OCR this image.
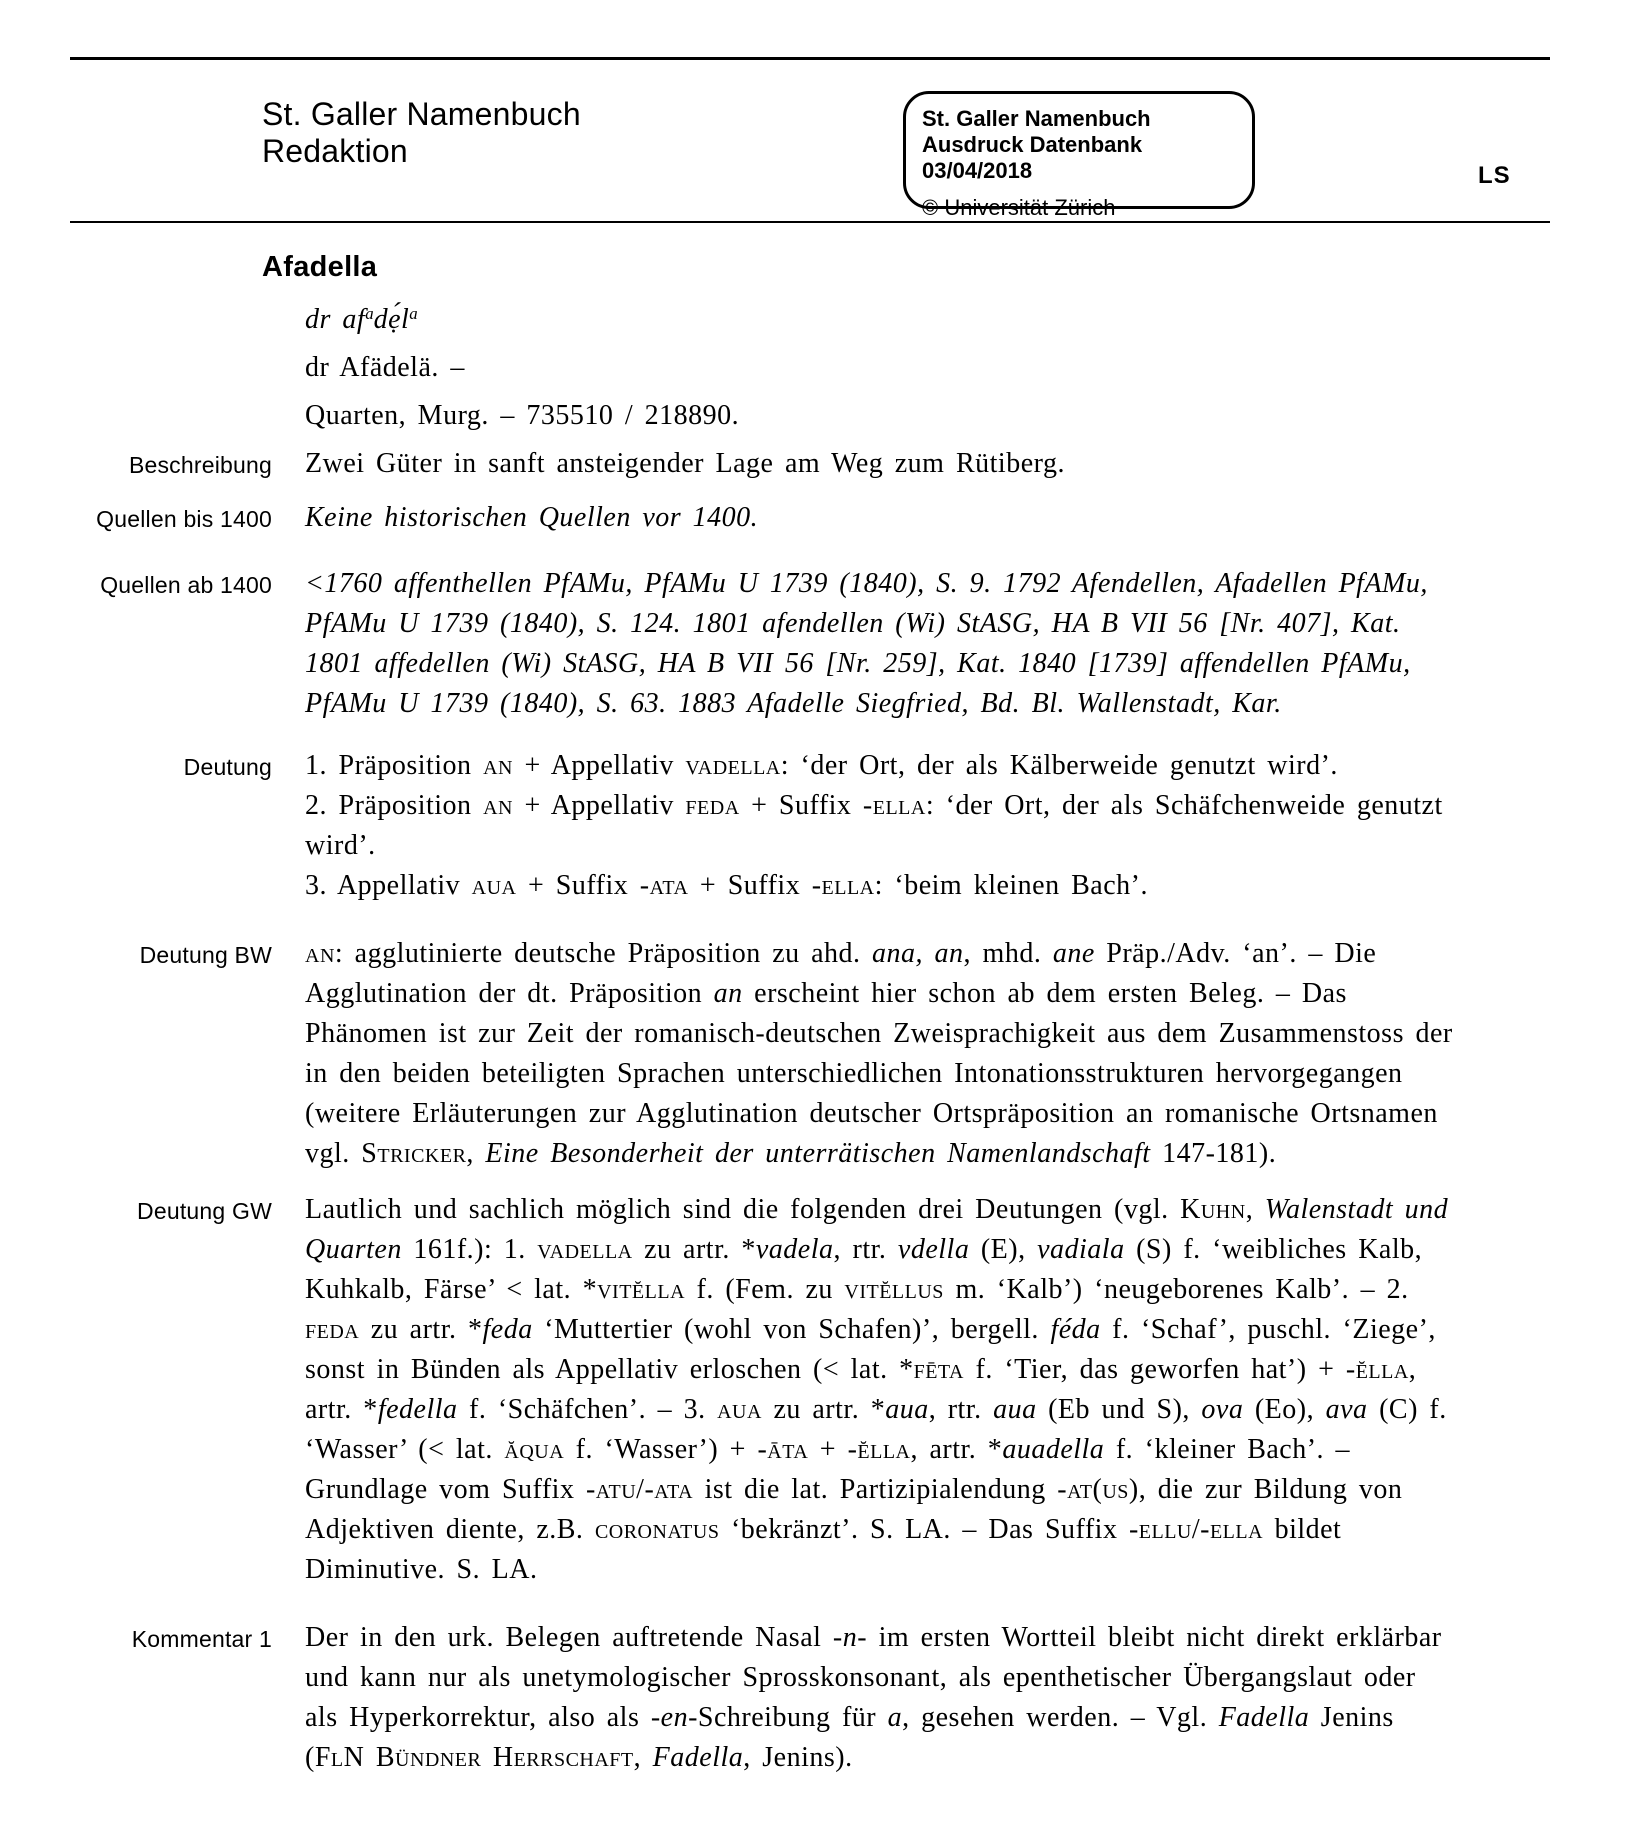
St. Galler Namenbuch
Redaktion
St. Galler Namenbuch
Ausdruck Datenbank 03/04/2018
© Universität Zürich
LS
Afadella

dr $af^adẹ́l^a$

dr Afädelä. –

Quarten, Murg. – 735510 / 218890.

Beschreibung Zwei Güter in sanft ansteigender Lage am Weg zum Rütiberg.

Quellen bis 1400 Keine historischen Quellen vor 1400.

Quellen ab 1400 <1760 affenthellen PfAMu, PfAMu U 1739 (1840), S. 9. 1792 Afendellen, Afadellen PfAMu, PfAMu U 1739 (1840), S. 124. 1801 afendellen (Wi) StASG, HA B VII 56 [Nr. 407], Kat. 1801 affedellen (Wi) StASG, HA B VII 56 [Nr. 259], Kat. 1840 [1739] affendellen PfAMu, PfAMu U 1739 (1840), S. 63. 1883 Afadelle Siegfried, Bd. Bl. Wallenstadt, Kar.

Deutung 1. Präposition an + Appellativ vadella: ‘der Ort, der als Kälberweide genutzt wird’.

2. Präposition an + Appellativ feda + Suffix -ella: ‘der Ort, der als Schäfchenweide genutzt wird’.

3. Appellativ aua + Suffix -ata + Suffix -ella: ‘beim kleinen Bach’.

Deutung BW an: agglutinierte deutsche Präposition zu ahd. ana, an, mhd. ane Präp./Adv. ‘an’. – Die Agglutination der dt. Präposition an erscheint hier schon ab dem ersten Beleg. – Das Phänomen ist zur Zeit der romanisch-deutschen Zweisprachigkeit aus dem Zusammenstoss der in den beiden beteiligten Sprachen unterschiedlichen Intonationsstrukturen hervorgegangen (weitere Erläuterungen zur Agglutination deutscher Ortspräposition an romanische Ortsnamen vgl. Stricker, Eine Besonderheit der unterrätischen Namenlandschaft 147-181).

Deutung GW Lautlich und sachlich möglich sind die folgenden drei Deutungen (vgl. Kuhn, Walenstadt und Quarten 161f.): 1. vadella zu artr. *vadela, rtr. vdella (E), vadiala (S) f. ‘weibliches Kalb, Kuhkalb, Färse’ < lat. *vitĕlla f. (Fem. zu vitĕllus m. ‘Kalb’) ‘neugeborenes Kalb’. – 2. feda zu artr. *feda ‘Muttertier (wohl von Schafen)’, bergell. féda f. ‘Schaf’, puschl. ‘Ziege’, sonst in Bünden als Appellativ erloschen (< lat. *fēta f. ‘Tier, das geworfen hat’) + -ĕlla, artr. *fedella f. ‘Schäfchen’. – 3. aua zu artr. *aua, rtr. aua (Eb und S), ova (Eo), ava (C) f. ‘Wasser’ (< lat. ăqua f. ‘Wasser’) + -āta + -ĕlla, artr. *auadella f. ‘kleiner Bach’. – Grundlage vom Suffix -atu/-ata ist die lat. Partizipialendung -at(us), die zur Bildung von Adjektiven diente, z.B. coronatus ‘bekränzt’. S. LA. – Das Suffix -ellu/-ella bildet Diminutive. S. LA.

Kommentar 1 Der in den urk. Belegen auftretende Nasal -n- im ersten Wortteil bleibt nicht direkt erklärbar und kann nur als unetymologischer Sprosskonsonant, als epenthetischer Übergangslaut oder als Hyperkorrektur, also als -en-Schreibung für a, gesehen werden. – Vgl. Fadella Jenins (FlN Bündner Herrschaft, Fadella, Jenins).
